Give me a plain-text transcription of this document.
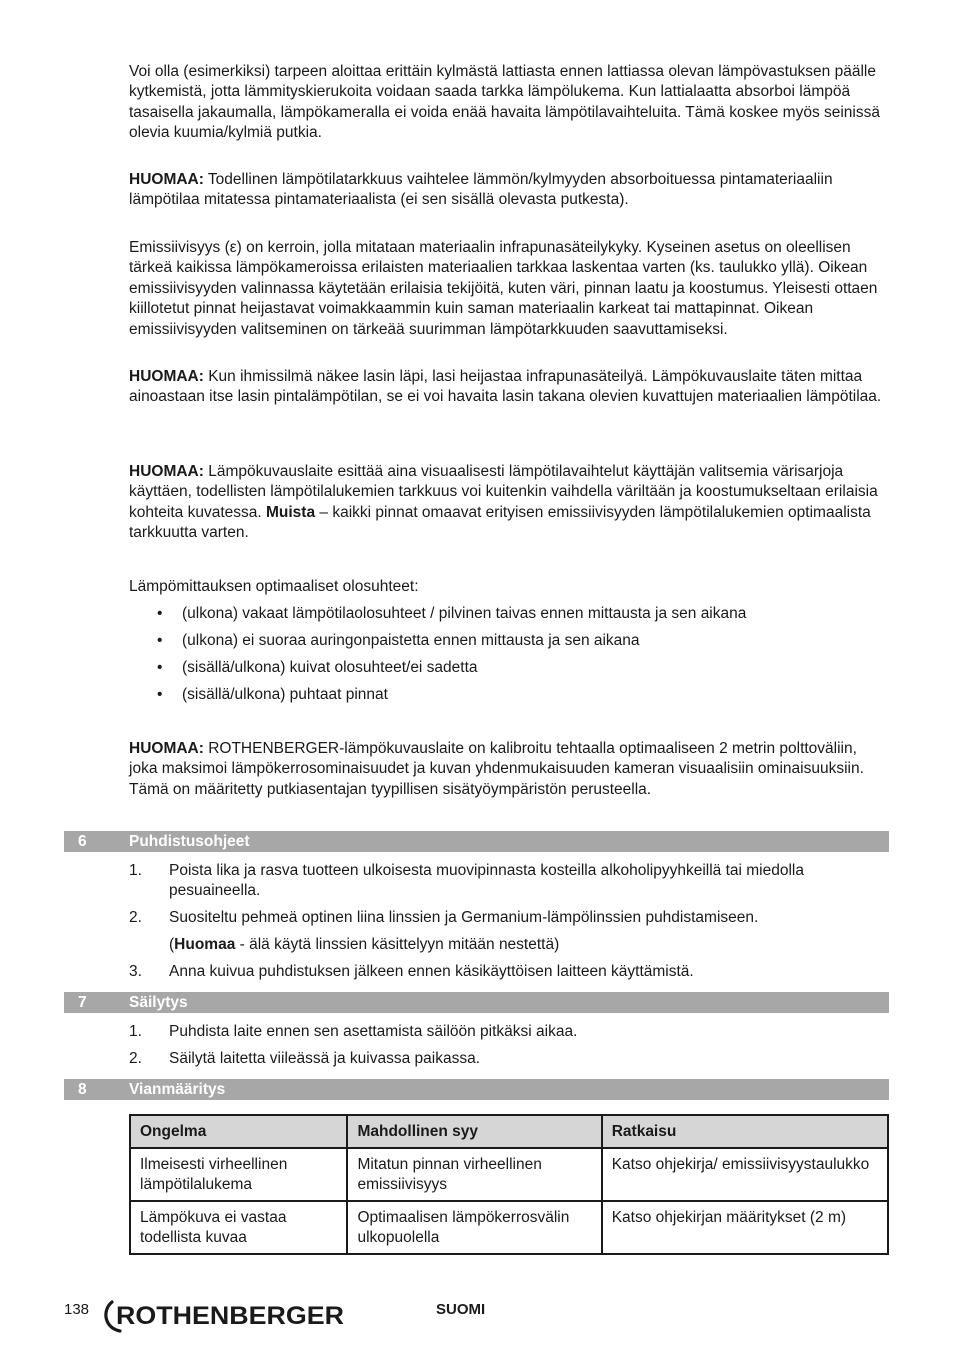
Voi olla (esimerkiksi) tarpeen aloittaa erittäin kylmästä lattiasta ennen lattiassa olevan lämpövastuksen päälle kytkemistä, jotta lämmityskierukoita voidaan saada tarkka lämpölukema. Kun lattialaatta absorboi lämpöä tasaisella jakaumalla, lämpökameralla ei voida enää havaita lämpötilavaihteluita. Tämä koskee myös seinissä olevia kuumia/kylmiä putkia.

HUOMAA: Todellinen lämpötilatarkkuus vaihtelee lämmön/kylmyyden absorboituessa pintamateriaaliin lämpötilaa mitatessa pintamateriaalista (ei sen sisällä olevasta putkesta).

Emissiivisyys (ε) on kerroin, jolla mitataan materiaalin infrapunasäteilykyky. Kyseinen asetus on oleellisen tärkeä kaikissa lämpökameroissa erilaisten materiaalien tarkkaa laskentaa varten (ks. taulukko yllä). Oikean emissiivisyyden valinnassa käytetään erilaisia tekijöitä, kuten väri, pinnan laatu ja koostumus. Yleisesti ottaen kiillotetut pinnat heijastavat voimakkaammin kuin saman materiaalin karkeat tai mattapinnat. Oikean emissiivisyyden valitseminen on tärkeää suurimman lämpötarkkuuden saavuttamiseksi.

HUOMAA: Kun ihmissilmä näkee lasin läpi, lasi heijastaa infrapunasäteilyä. Lämpökuvauslaite täten mittaa ainoastaan itse lasin pintalämpötilan, se ei voi havaita lasin takana olevien kuvattujen materiaalien lämpötilaa.

HUOMAA: Lämpökuvauslaite esittää aina visuaalisesti lämpötilavaihtelut käyttäjän valitsemia värisarjoja käyttäen, todellisten lämpötilalukemien tarkkuus voi kuitenkin vaihdella väriltään ja koostumukseltaan erilaisia kohteita kuvatessa. Muista – kaikki pinnat omaavat erityisen emissiivisyyden lämpötilalukemien optimaalista tarkkuutta varten.

Lämpömittauksen optimaaliset olosuhteet:

• (ulkona) vakaat lämpötilaolosuhteet / pilvinen taivas ennen mittausta ja sen aikana
• (ulkona) ei suoraa auringonpaistetta ennen mittausta ja sen aikana
• (sisällä/ulkona) kuivat olosuhteet/ei sadetta
• (sisällä/ulkona) puhtaat pinnat

HUOMAA: ROTHENBERGER-lämpökuvauslaite on kalibroitu tehtaalla optimaaliseen 2 metrin polttoväliin, joka maksimoi lämpökerrosominaisuudet ja kuvan yhdenmukaisuuden kameran visuaalisiin ominaisuuksiin. Tämä on määritetty putkiasentajan tyypillisen sisätyöympäristön perusteella.

6	Puhdistusohjeet
1. Poista lika ja rasva tuotteen ulkoisesta muovipinnasta kosteilla alkoholipyyhkeillä tai miedolla pesuaineella.
2. Suositeltu pehmeä optinen liina linssien ja Germanium-lämpölinssien puhdistamiseen.
(Huomaa - älä käytä linssien käsittelyyn mitään nestettä)
3. Anna kuivua puhdistuksen jälkeen ennen käsikäyttöisen laitteen käyttämistä.
7	Säilytys
1. Puhdista laite ennen sen asettamista säilöön pitkäksi aikaa.
2. Säilytä laitetta viileässä ja kuivassa paikassa.
8	Vianmääritys
Ongelma	Mahdollinen syy	Ratkaisu
Ilmeisesti virheellinen lämpötilalukema	Mitatun pinnan virheellinen emissiivisyys	Katso ohjekirja/ emissiivisyystaulukko
Lämpökuva ei vastaa todellista kuvaa	Optimaalisen lämpökerrosvälin ulkopuolella	Katso ohjekirjan määritykset (2 m)
138 ROTHENBERGER	SUOMI
